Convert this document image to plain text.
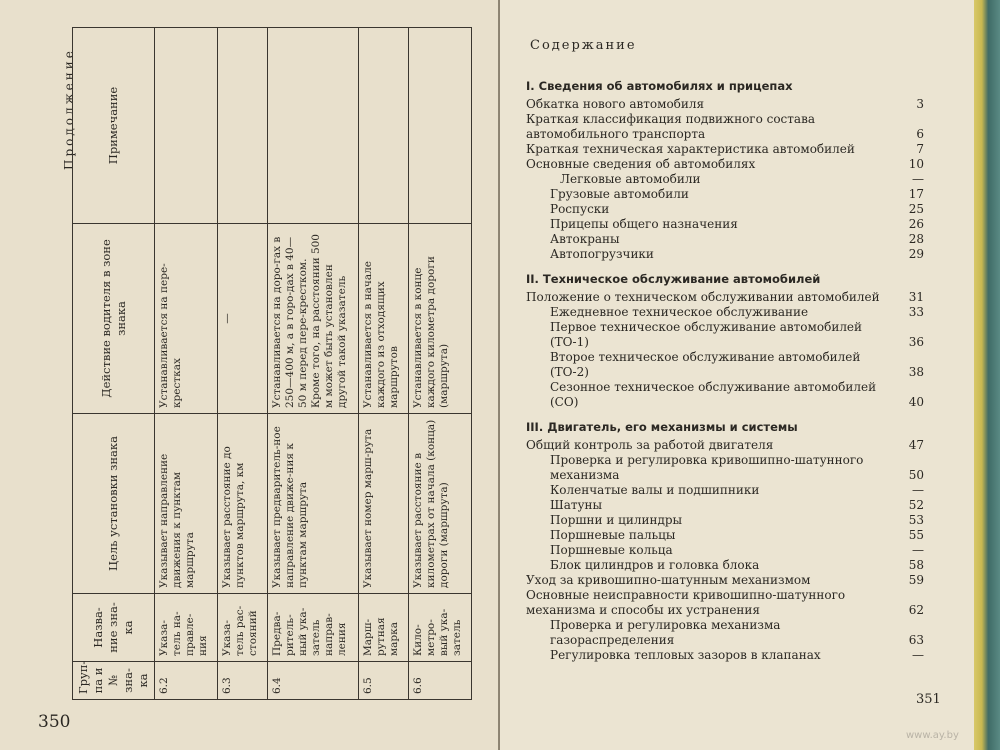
Продолжение
Груп-па и № зна-ка	Назва-ние зна-ка	Цель установки знака	Действие водителя в зоне знака	Примечание
6.2	Указа-тель на-правле-ния	Указывает направление движения к пунктам маршрута	Устанавливается на пере-крестках	
6.3	Указа-тель рас-стояний	Указывает расстояние до пунктов маршрута, км	—	
6.4	Предва-ритель-ный ука-затель направ-ления	Указывает предваритель-ное направление движе-ния к пунктам маршрута	Устанавливается на доро-гах в 250—400 м, а в горо-дах в 40—50 м перед пере-крестком. Кроме того, на расстоянии 500 м может быть установлен другой такой указатель	
6.5	Марш-рутная марка	Указывает номер марш-рута	Устанавливается в начале каждого из отходящих маршрутов	
6.6	Кило-метро-вый ука-затель	Указывает расстояние в километрах от начала (конца) дороги (маршрута)	Устанавливается в конце каждого километра дороги (маршрута)	
350
Содержание
I. Сведения об автомобилях и прицепах
Обкатка нового автомобиля	3
Краткая классификация подвижного состава автомобильного транспорта	6
Краткая техническая характеристика автомобилей	7
Основные сведения об автомобилях	10
Легковые автомобили	—
Грузовые автомобили	17
Роспуски	25
Прицепы общего назначения	26
Автокраны	28
Автопогрузчики	29
II. Техническое обслуживание автомобилей
Положение о техническом обслуживании автомобилей 31
Ежедневное техническое обслуживание	33
Первое техническое обслуживание автомобилей (ТО-1)	36
Второе техническое обслуживание автомобилей (ТО-2)	38
Сезонное техническое обслуживание автомобилей (СО)	40
III. Двигатель, его механизмы и системы
Общий контроль за работой двигателя	47
Проверка и регулировка кривошипно-шатунного механизма	50
Коленчатые валы и подшипники	—
Шатуны	52
Поршни и цилиндры	53
Поршневые пальцы	55
Поршневые кольца	—
Блок цилиндров и головка блока	58
Уход за кривошипно-шатунным механизмом	59
Основные неисправности кривошипно-шатунного механизма и способы их устранения	62
Проверка и регулировка механизма газораспределения	63
Регулировка тепловых зазоров в клапанах	—
351
www.ay.by
